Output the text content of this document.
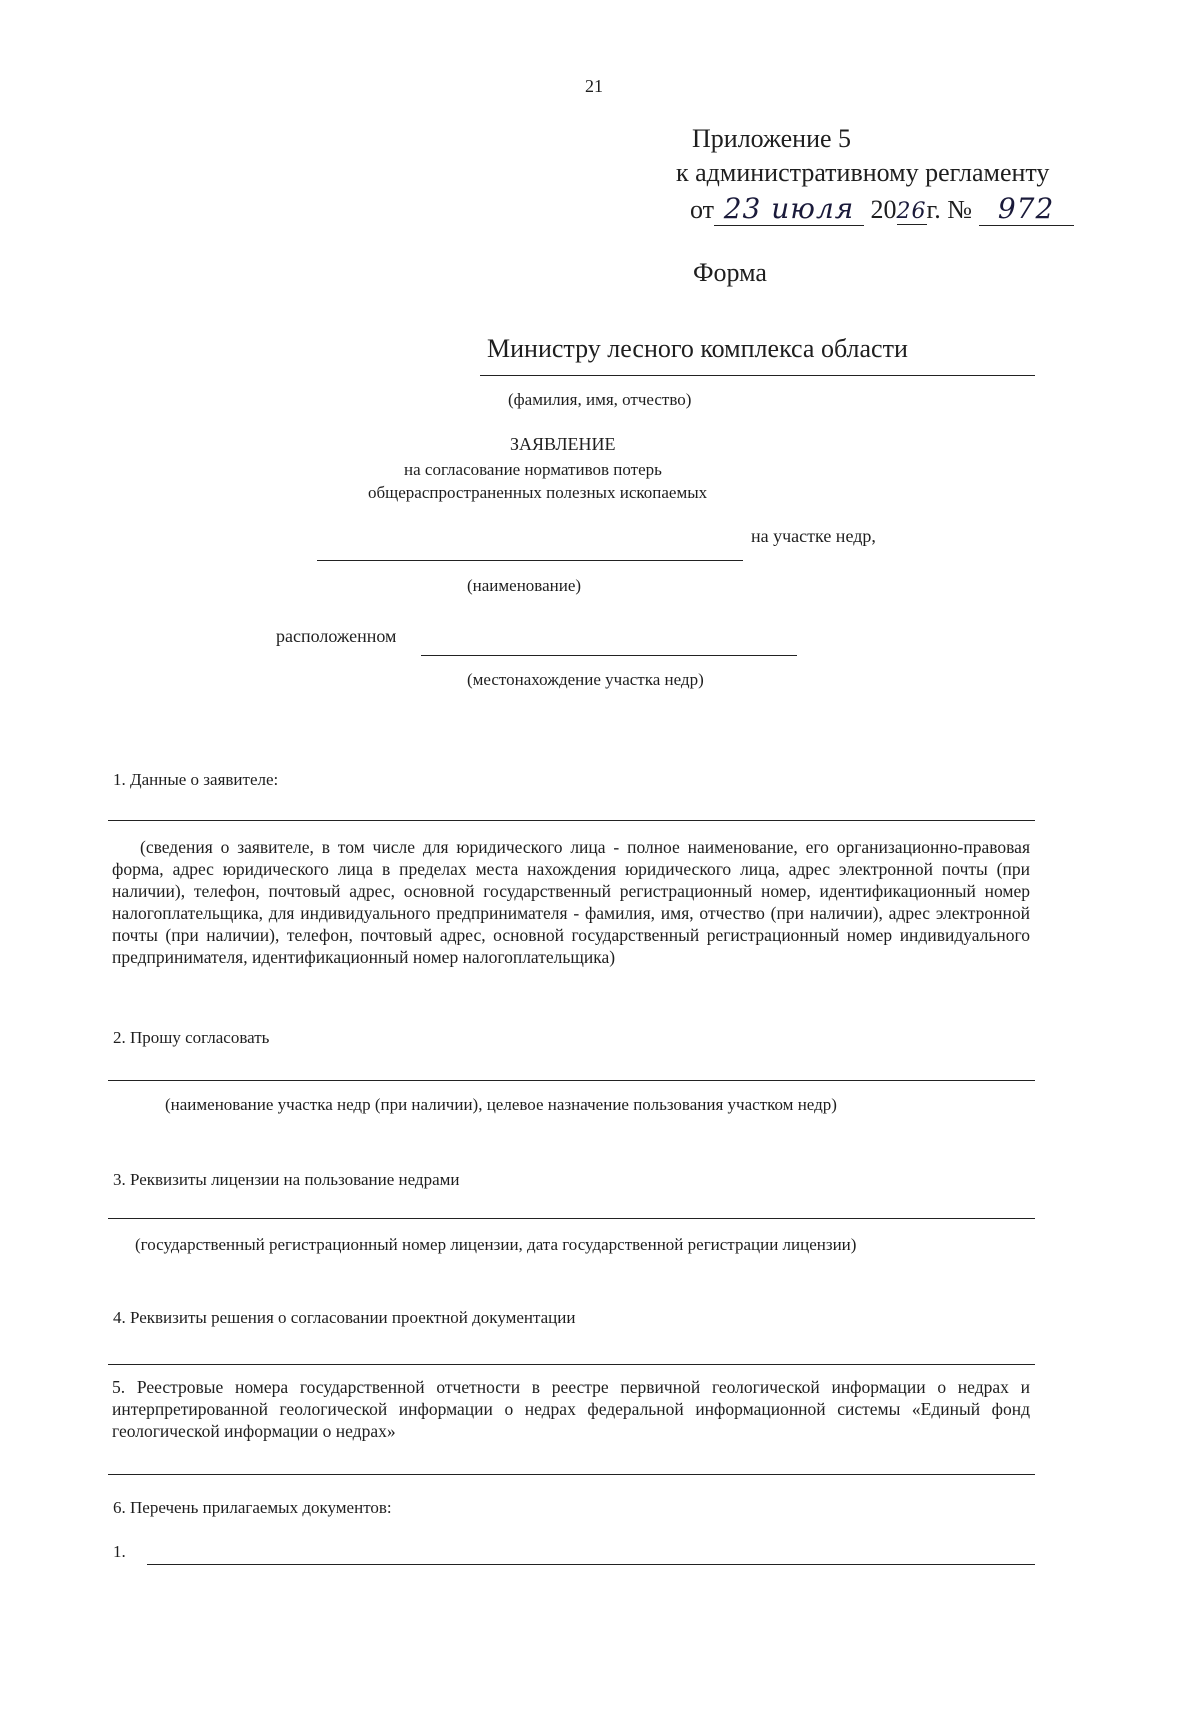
21
Приложение 5
к административному регламенту
от 23 июля 2026г. № 972
Форма
Министру лесного комплекса области
(фамилия, имя, отчество)
ЗАЯВЛЕНИЕ
на согласование нормативов потерь
общераспространенных полезных ископаемых
на участке недр,
(наименование)
расположенном
(местонахождение участка недр)
1. Данные о заявителе:
(сведения о заявителе, в том числе для юридического лица - полное наименование, его организационно-правовая форма, адрес юридического лица в пределах места нахождения юридического лица, адрес электронной почты (при наличии), телефон, почтовый адрес, основной государственный регистрационный номер, идентификационный номер налогоплательщика, для индивидуального предпринимателя - фамилия, имя, отчество (при наличии), адрес электронной почты (при наличии), телефон, почтовый адрес, основной государственный регистрационный номер индивидуального предпринимателя, идентификационный номер налогоплательщика)
2. Прошу согласовать
(наименование участка недр (при наличии), целевое назначение пользования участком недр)
3. Реквизиты лицензии на пользование недрами
(государственный регистрационный номер лицензии, дата государственной регистрации лицензии)
4. Реквизиты решения о согласовании проектной документации
5. Реестровые номера государственной отчетности в реестре первичной геологической информации о недрах и интерпретированной геологической информации о недрах федеральной информационной системы «Единый фонд геологической информации о недрах»
6. Перечень прилагаемых документов:
1.
